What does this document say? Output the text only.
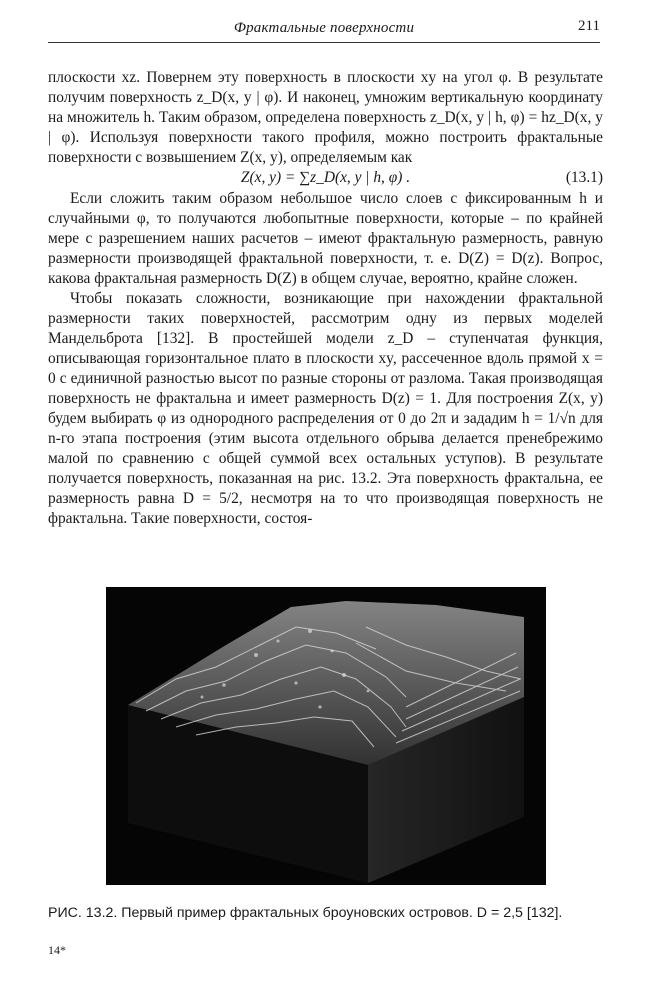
Фрактальные поверхности	211

плоскости xz. Повернем эту поверхность в плоскости xy на угол φ. В результате получим поверхность z_D(x, y | φ). И наконец, умножим вертикальную координату на множитель h. Таким образом, определена поверхность z_D(x, y | h, φ) = hz_D(x, y | φ). Используя поверхности такого профиля, можно построить фрактальные поверхности с возвышением Z(x, y), определяемым как

Z(x, y) = ∑z_D(x, y | h, φ) .	(13.1)

Если сложить таким образом небольшое число слоев с фиксированным h и случайными φ, то получаются любопытные поверхности, которые – по крайней мере с разрешением наших расчетов – имеют фрактальную размерность, равную размерности производящей фрактальной поверхности, т. е. D(Z) = D(z). Вопрос, какова фрактальная размерность D(Z) в общем случае, вероятно, крайне сложен.

Чтобы показать сложности, возникающие при нахождении фрактальной размерности таких поверхностей, рассмотрим одну из первых моделей Мандельброта [132]. В простейшей модели z_D – ступенчатая функция, описывающая горизонтальное плато в плоскости xy, рассеченное вдоль прямой x = 0 с единичной разностью высот по разные стороны от разлома. Такая производящая поверхность не фрактальна и имеет размерность D(z) = 1. Для построения Z(x, y) будем выбирать φ из однородного распределения от 0 до 2π и зададим h = 1/√n для n-го этапа построения (этим высота отдельного обрыва делается пренебрежимо малой по сравнению с общей суммой всех остальных уступов). В результате получается поверхность, показанная на рис. 13.2. Эта поверхность фрактальна, ее размерность равна D = 5/2, несмотря на то что производящая поверхность не фрактальна. Такие поверхности, состоя-

РИС. 13.2. Первый пример фрактальных броуновских островов. D = 2,5 [132].
14*
